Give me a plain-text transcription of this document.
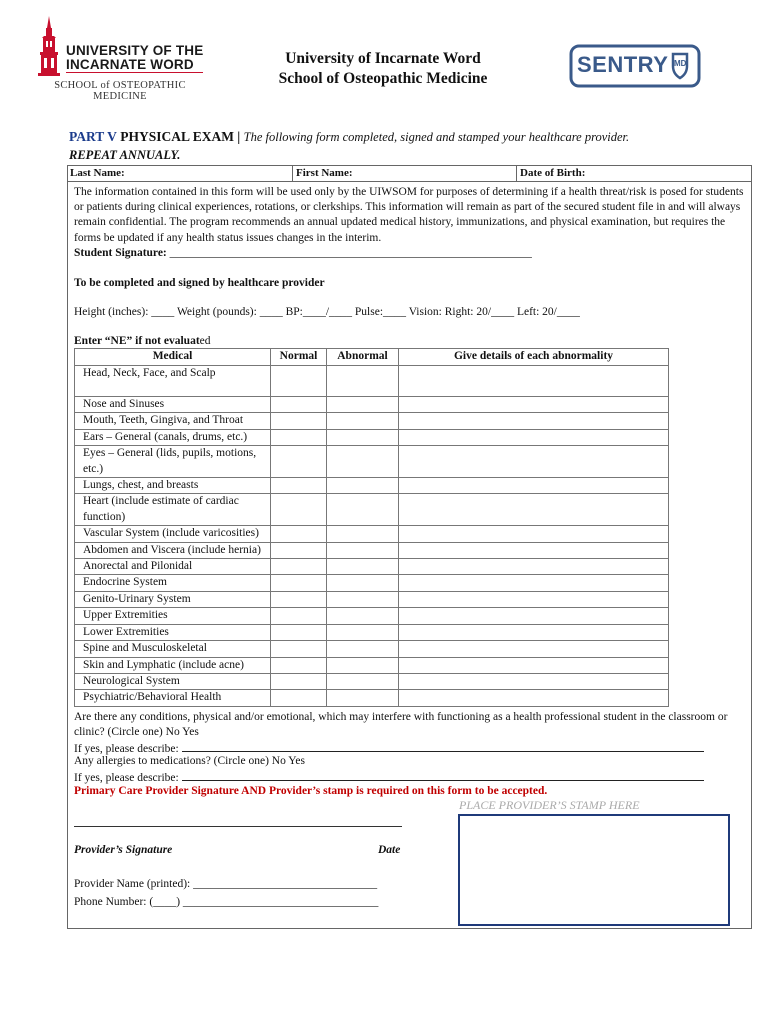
UNIVERSITY OF THE
INCARNATE WORD
SCHOOL of OSTEOPATHIC
MEDICINE
University of Incarnate Word
School of Osteopathic Medicine
SENTRY MD
PART V PHYSICAL EXAM | The following form completed, signed and stamped your healthcare provider.
REPEAT ANNUALY.
Last Name:	First Name:	Date of Birth:
The information contained in this form will be used only by the UIWSOM for purposes of determining if a health threat/risk is posed for students or patients during clinical experiences, rotations, or clerkships. This information will remain as part of the secured student file in and will always remain confidential. The program recommends an annual updated medical history, immunizations, and physical examination, but requires the forms be updated if any health status issues changes in the interim.
Student Signature: _______________________________________________________________
To be completed and signed by healthcare provider
Height (inches): ____ Weight (pounds): ____ BP:____/____ Pulse:____ Vision: Right: 20/____ Left: 20/____
Enter “NE” if not evaluated
Medical	Normal	Abnormal	Give details of each abnormality
Head, Neck, Face, and Scalp			
Nose and Sinuses			
Mouth, Teeth, Gingiva, and Throat			
Ears – General (canals, drums, etc.)			
Eyes – General (lids, pupils, motions, etc.)			
Lungs, chest, and breasts			
Heart (include estimate of cardiac function)			
Vascular System (include varicosities)			
Abdomen and Viscera (include hernia)			
Anorectal and Pilonidal			
Endocrine System			
Genito-Urinary System			
Upper Extremities			
Lower Extremities			
Spine and Musculoskeletal			
Skin and Lymphatic (include acne)			
Neurological System			
Psychiatric/Behavioral Health			
Are there any conditions, physical and/or emotional, which may interfere with functioning as a health professional student in the classroom or clinic? (Circle one) No Yes
If yes, please describe:
Any allergies to medications? (Circle one) No Yes
If yes, please describe:
Primary Care Provider Signature AND Provider’s stamp is required on this form to be accepted.
PLACE PROVIDER’S STAMP HERE
Provider’s Signature	Date
Provider Name (printed): ________________________________
Phone Number: (____) __________________________________
